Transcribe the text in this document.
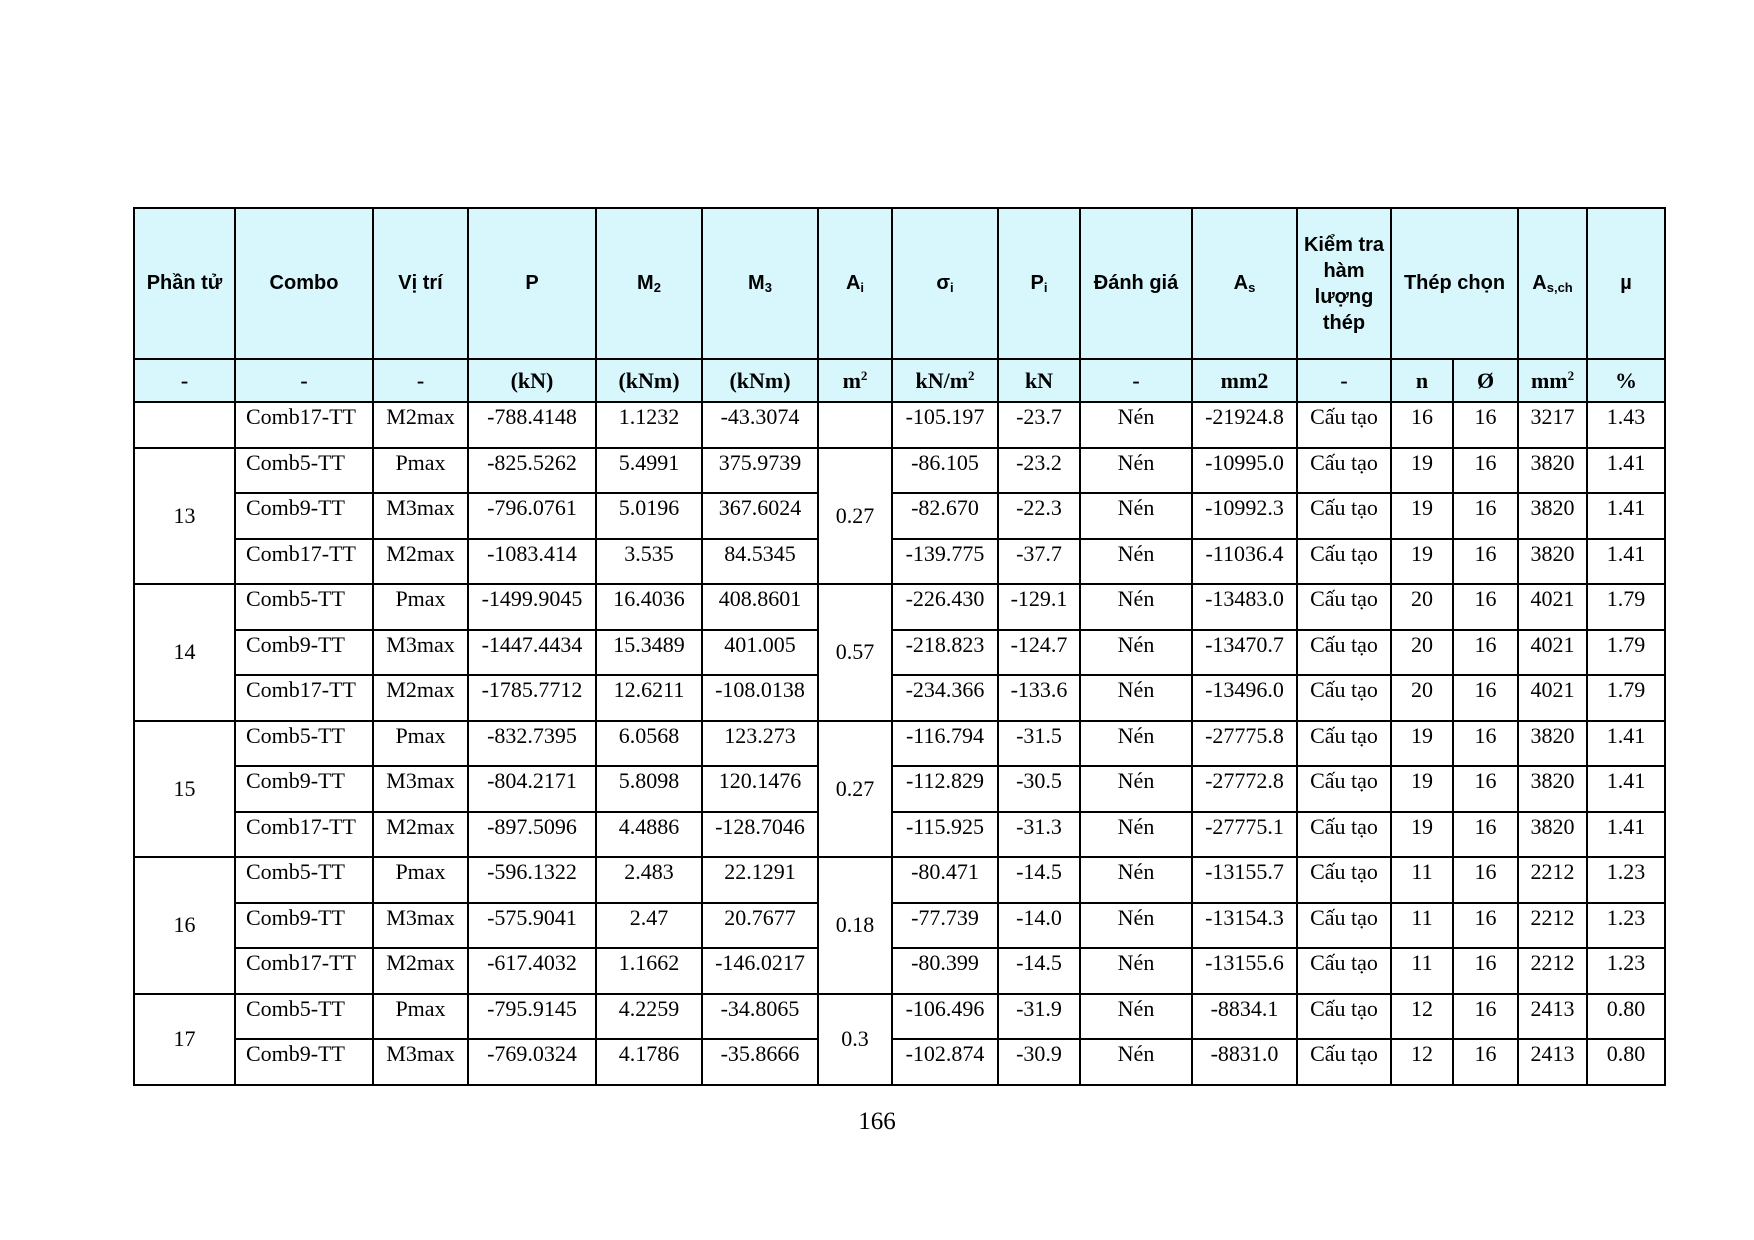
Phần tử	Combo	Vị trí	P	$M_2$	$M_3$	$A_i$	$\sigma_i$	$P_i$	Đánh giá	$A_s$	Kiểm tra hàm lượng thép	Thép chọn		$A_{s,ch}$	µ
-	-	-	(kN)	(kNm)	(kNm)	$m^2$	$kN/m^2$	kN	-	mm2	-	n	Ø	$mm^2$	%
	Comb17-TT	M2max	-788.4148	1.1232	-43.3074		-105.197	-23.7	Nén	-21924.8	Cấu tạo	16	16	3217	1.43
13	Comb5-TT	Pmax	-825.5262	5.4991	375.9739	0.27	-86.105	-23.2	Nén	-10995.0	Cấu tạo	19	16	3820	1.41
	Comb9-TT	M3max	-796.0761	5.0196	367.6024		-82.670	-22.3	Nén	-10992.3	Cấu tạo	19	16	3820	1.41
	Comb17-TT	M2max	-1083.414	3.535	84.5345		-139.775	-37.7	Nén	-11036.4	Cấu tạo	19	16	3820	1.41
14	Comb5-TT	Pmax	-1499.9045	16.4036	408.8601	0.57	-226.430	-129.1	Nén	-13483.0	Cấu tạo	20	16	4021	1.79
	Comb9-TT	M3max	-1447.4434	15.3489	401.005		-218.823	-124.7	Nén	-13470.7	Cấu tạo	20	16	4021	1.79
	Comb17-TT	M2max	-1785.7712	12.6211	-108.0138		-234.366	-133.6	Nén	-13496.0	Cấu tạo	20	16	4021	1.79
15	Comb5-TT	Pmax	-832.7395	6.0568	123.273	0.27	-116.794	-31.5	Nén	-27775.8	Cấu tạo	19	16	3820	1.41
	Comb9-TT	M3max	-804.2171	5.8098	120.1476		-112.829	-30.5	Nén	-27772.8	Cấu tạo	19	16	3820	1.41
	Comb17-TT	M2max	-897.5096	4.4886	-128.7046		-115.925	-31.3	Nén	-27775.1	Cấu tạo	19	16	3820	1.41
16	Comb5-TT	Pmax	-596.1322	2.483	22.1291	0.18	-80.471	-14.5	Nén	-13155.7	Cấu tạo	11	16	2212	1.23
	Comb9-TT	M3max	-575.9041	2.47	20.7677		-77.739	-14.0	Nén	-13154.3	Cấu tạo	11	16	2212	1.23
	Comb17-TT	M2max	-617.4032	1.1662	-146.0217		-80.399	-14.5	Nén	-13155.6	Cấu tạo	11	16	2212	1.23
17	Comb5-TT	Pmax	-795.9145	4.2259	-34.8065	0.3	-106.496	-31.9	Nén	-8834.1	Cấu tạo	12	16	2413	0.80
	Comb9-TT	M3max	-769.0324	4.1786	-35.8666		-102.874	-30.9	Nén	-8831.0	Cấu tạo	12	16	2413	0.80
166
